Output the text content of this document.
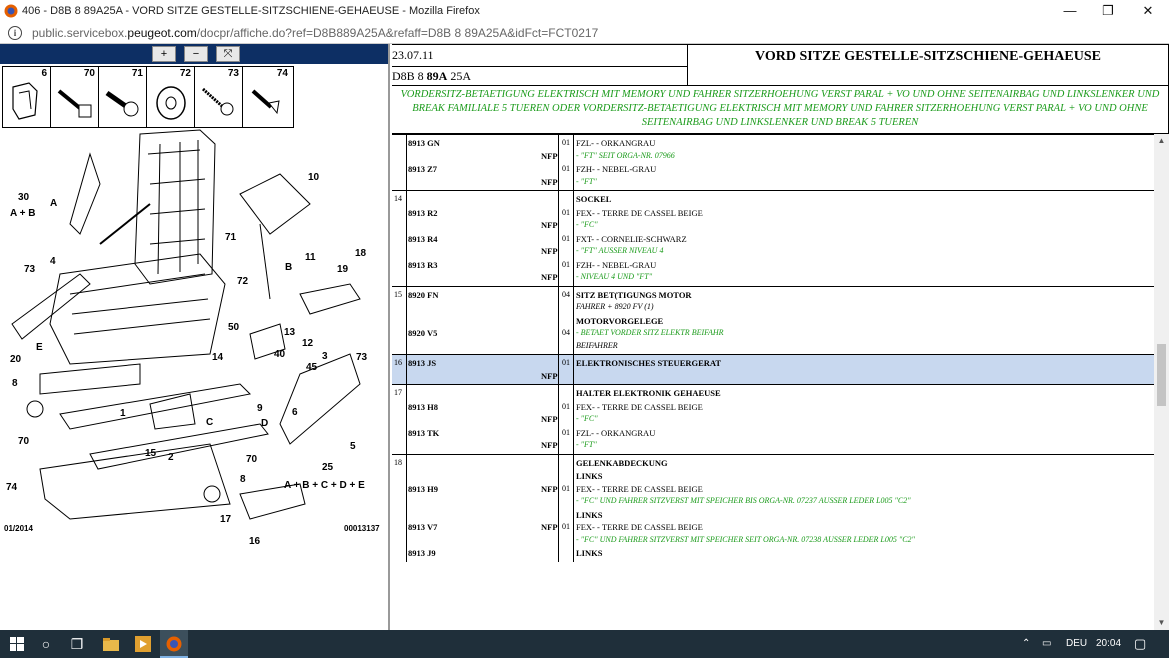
406 - D8B 8 89A25A - VORD SITZE GESTELLE-SITZSCHIENE-GEHAEUSE - Mozilla Firefox	—	❐	✕
i	public.servicebox.peugeot.com/docpr/affiche.do?ref=D8B889A25A&refaff=D8B 8 89A25A&idFct=FCT0217
+	−	⤧
6	70	71	72	73	74
30
A + B
A
4
73
E
20
8
70
74
10
71
72
11
B	19
18
50	13
12
3
14	40
45
73
9
C	D
1
15 2	70
6
5
25
A + B + C + D + E
8
17
16
01/2014	00013137
23.07.11
D8B 8 89A 25A
VORD SITZE GESTELLE-SITZSCHIENE-GEHAEUSE
VORDERSITZ-BETAETIGUNG ELEKTRISCH MIT MEMORY UND FAHRER SITZERHOEHUNG VERST PARAL + VO UND OHNE SEITENAIRBAG UND LINKSLENKER UND BREAK FAMILIALE 5 TUEREN ODER VORDERSITZ-BETAETIGUNG ELEKTRISCH MIT MEMORY UND FAHRER SITZERHOEHUNG VERST PARAL + VO UND OHNE SEITENAIRBAG UND LINKSLENKER UND BREAK 5 TUEREN
8913 GN	01
NFP
FZL- - ORKANGRAU
- "FT" SEIT ORGA-NR. 07966
8913 Z7	01
NFP
FZH- - NEBEL-GRAU
- "FT"
14	SOCKEL
8913 R2	01
NFP
FEX- - TERRE DE CASSEL BEIGE
- "FC"
8913 R4	01
NFP
FXT- - CORNELIE-SCHWARZ
- "FT" AUSSER NIVEAU 4
8913 R3	01
NFP
FZH- - NEBEL-GRAU
- NIVEAU 4 UND "FT"
15 8920 FN	04 SITZ BET(TIGUNGS MOTOR
FAHRER + 8920 FV (1)
8920 V5	04
MOTORVORGELEGE
- BETAET VORDER SITZ ELEKTR BEIFAHR
BEIFAHRER
16 8913 JS	01
NFP
ELEKTRONISCHES STEUERGERAT
17	HALTER ELEKTRONIK GEHAEUSE
8913 H8	01
NFP
FEX- - TERRE DE CASSEL BEIGE
- "FC"
8913 TK	01
NFP
FZL- - ORKANGRAU
- "FT"
18	GELENKABDECKUNG
8913 H9	01
NFP
LINKS
FEX- - TERRE DE CASSEL BEIGE
- "FC" UND FAHRER SITZVERST MIT SPEICHER BIS ORGA-NR. 07237 AUSSER LEDER L005 "C2"
8913 V7	01
NFP
LINKS
FEX- - TERRE DE CASSEL BEIGE
- "FC" UND FAHRER SITZVERST MIT SPEICHER SEIT ORGA-NR. 07238 AUSSER LEDER L005 "C2"
8913 J9	LINKS
▲
▼
○	❐	⌃ ▭ DEU 20:04 ▢
